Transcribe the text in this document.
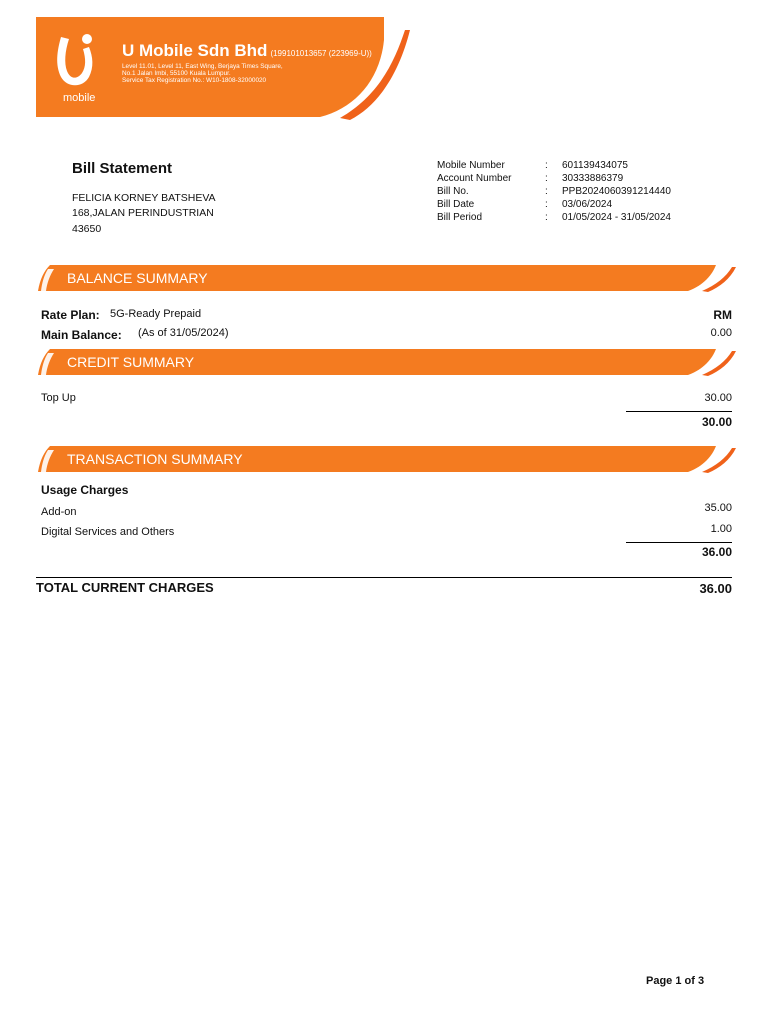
mobile
U Mobile Sdn Bhd (199101013657 (223969-U))
Level 11.01, Level 11, East Wing, Berjaya Times Square,
No.1 Jalan Imbi, 55100 Kuala Lumpur.
Service Tax Registration No.: W10-1808-32000020
Bill Statement
FELICIA KORNEY BATSHEVA
168,JALAN PERINDUSTRIAN
43650
Mobile Number	: 601139434075
Account Number	: 30333886379
Bill No.	: PPB2024060391214440
Bill Date	: 03/06/2024
Bill Period	: 01/05/2024 - 31/05/2024
BALANCE SUMMARY
Rate Plan: 5G-Ready Prepaid	RM
Main Balance: (As of 31/05/2024)	0.00
CREDIT SUMMARY
Top Up	30.00
30.00
TRANSACTION SUMMARY
Usage Charges
Add-on	35.00
Digital Services and Others	1.00
36.00
TOTAL CURRENT CHARGES	36.00
Page 1 of 3
